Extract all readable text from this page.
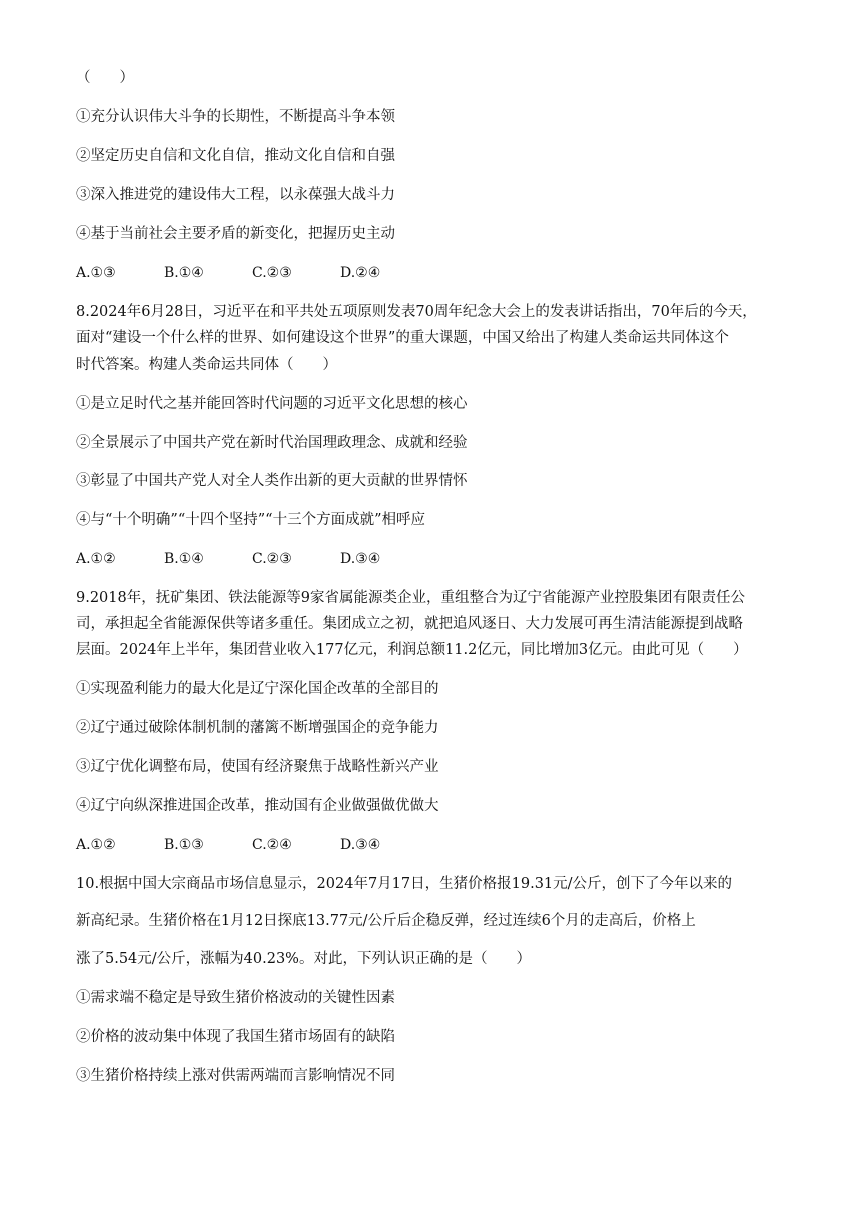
（　　）
①充分认识伟大斗争的长期性，不断提高斗争本领
②坚定历史自信和文化自信，推动文化自信和自强
③深入推进党的建设伟大工程，以永葆强大战斗力
④基于当前社会主要矛盾的新变化，把握历史主动
A.①③	B.①④	C.②③	D.②④
8.2024年6月28日，习近平在和平共处五项原则发表70周年纪念大会上的发表讲话指出，70年后的今天，
面对“建设一个什么样的世界、如何建设这个世界”的重大课题，中国又给出了构建人类命运共同体这个
时代答案。构建人类命运共同体（　　）
①是立足时代之基并能回答时代问题的习近平文化思想的核心
②全景展示了中国共产党在新时代治国理政理念、成就和经验
③彰显了中国共产党人对全人类作出新的更大贡献的世界情怀
④与“十个明确”“十四个坚持”“十三个方面成就”相呼应
A.①②	B.①④	C.②③	D.③④
9.2018年，抚矿集团、铁法能源等9家省属能源类企业，重组整合为辽宁省能源产业控股集团有限责任公
司，承担起全省能源保供等诸多重任。集团成立之初，就把追风逐日、大力发展可再生清洁能源提到战略
层面。2024年上半年，集团营业收入177亿元，利润总额11.2亿元，同比增加3亿元。由此可见（　　）
①实现盈利能力的最大化是辽宁深化国企改革的全部目的
②辽宁通过破除体制机制的藩篱不断增强国企的竞争能力
③辽宁优化调整布局，使国有经济聚焦于战略性新兴产业
④辽宁向纵深推进国企改革，推动国有企业做强做优做大
A.①②	B.①③	C.②④	D.③④
10.根据中国大宗商品市场信息显示，2024年7月17日，生猪价格报19.31元/公斤，创下了今年以来的
新高纪录。生猪价格在1月12日探底13.77元/公斤后企稳反弹，经过连续6个月的走高后，价格上
涨了5.54元/公斤，涨幅为40.23%。对此，下列认识正确的是（　　）
①需求端不稳定是导致生猪价格波动的关键性因素
②价格的波动集中体现了我国生猪市场固有的缺陷
③生猪价格持续上涨对供需两端而言影响情况不同
